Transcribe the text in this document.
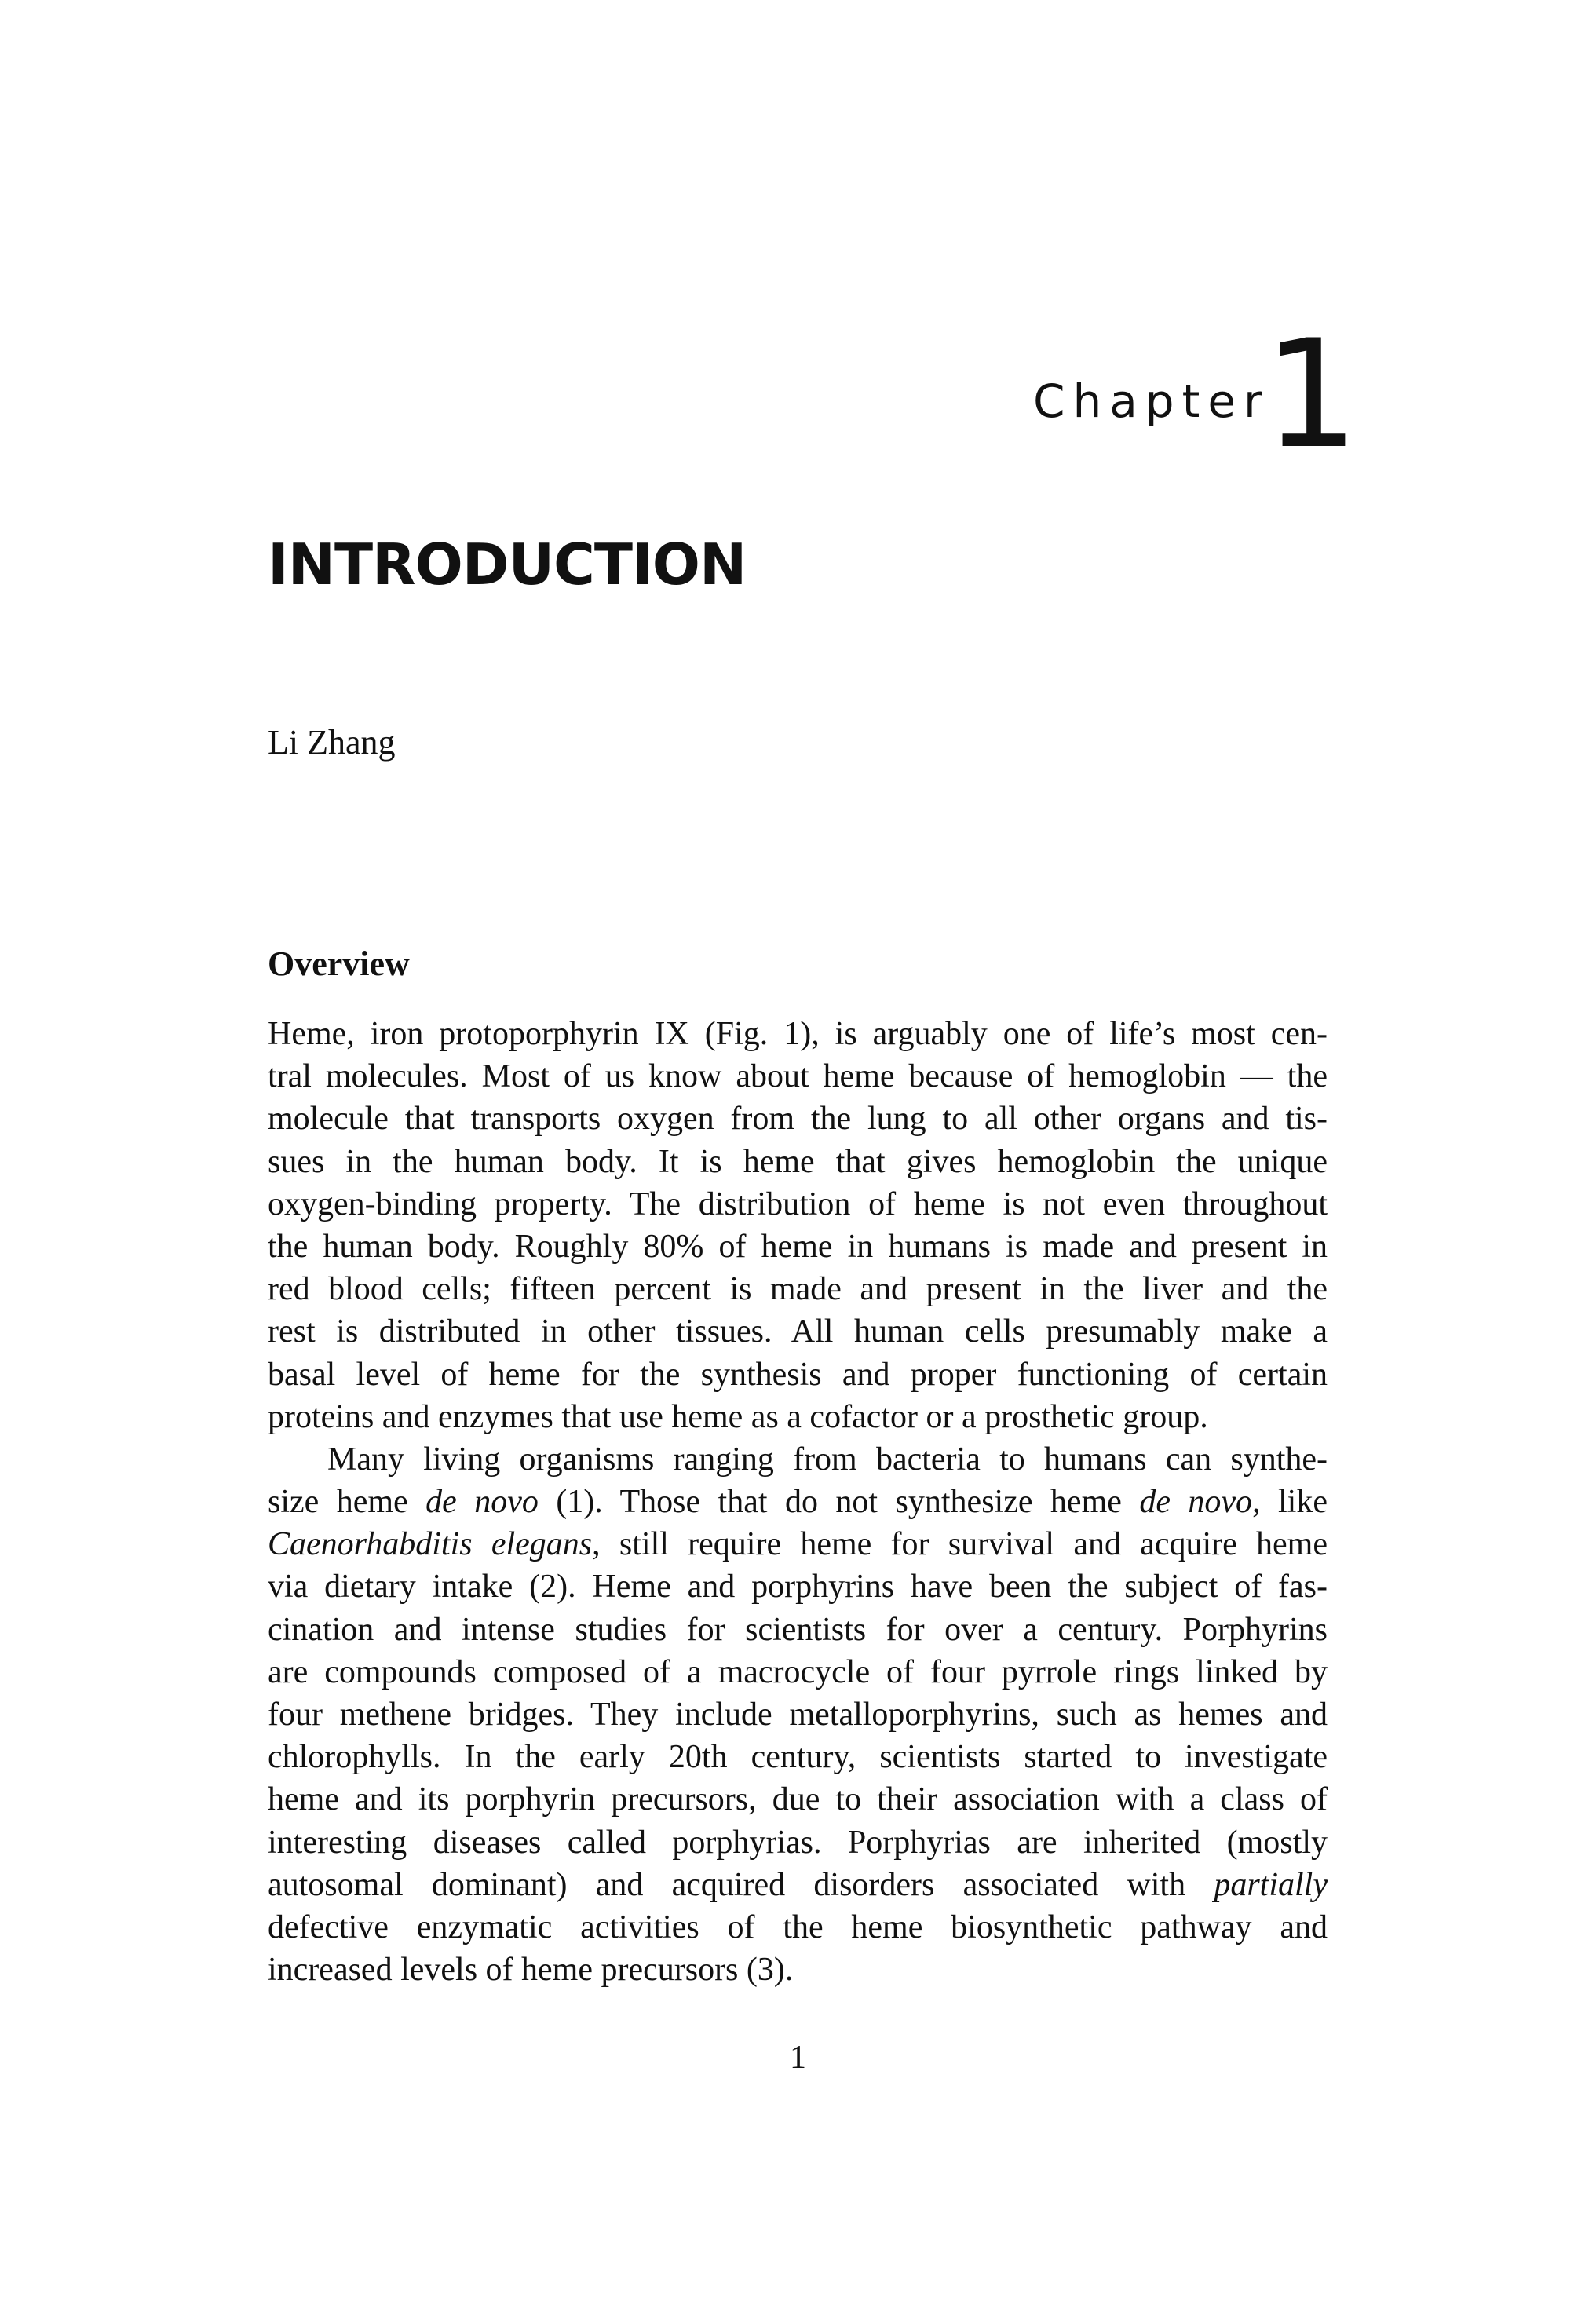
Chapter
1
INTRODUCTION
Li Zhang
Overview
Heme, iron protoporphyrin IX (Fig. 1), is arguably one of life’s most cen-
tral molecules. Most of us know about heme because of hemoglobin — the
molecule that transports oxygen from the lung to all other organs and tis-
sues in the human body. It is heme that gives hemoglobin the unique
oxygen-binding property. The distribution of heme is not even throughout
the human body. Roughly 80% of heme in humans is made and present in
red blood cells; fifteen percent is made and present in the liver and the
rest is distributed in other tissues. All human cells presumably make a
basal level of heme for the synthesis and proper functioning of certain
proteins and enzymes that use heme as a cofactor or a prosthetic group.
Many living organisms ranging from bacteria to humans can synthe-
size heme de novo (1). Those that do not synthesize heme de novo, like
Caenorhabditis elegans, still require heme for survival and acquire heme
via dietary intake (2). Heme and porphyrins have been the subject of fas-
cination and intense studies for scientists for over a century. Porphyrins
are compounds composed of a macrocycle of four pyrrole rings linked by
four methene bridges. They include metalloporphyrins, such as hemes and
chlorophylls. In the early 20th century, scientists started to investigate
heme and its porphyrin precursors, due to their association with a class of
interesting diseases called porphyrias. Porphyrias are inherited (mostly
autosomal dominant) and acquired disorders associated with partially
defective enzymatic activities of the heme biosynthetic pathway and
increased levels of heme precursors (3).
1
